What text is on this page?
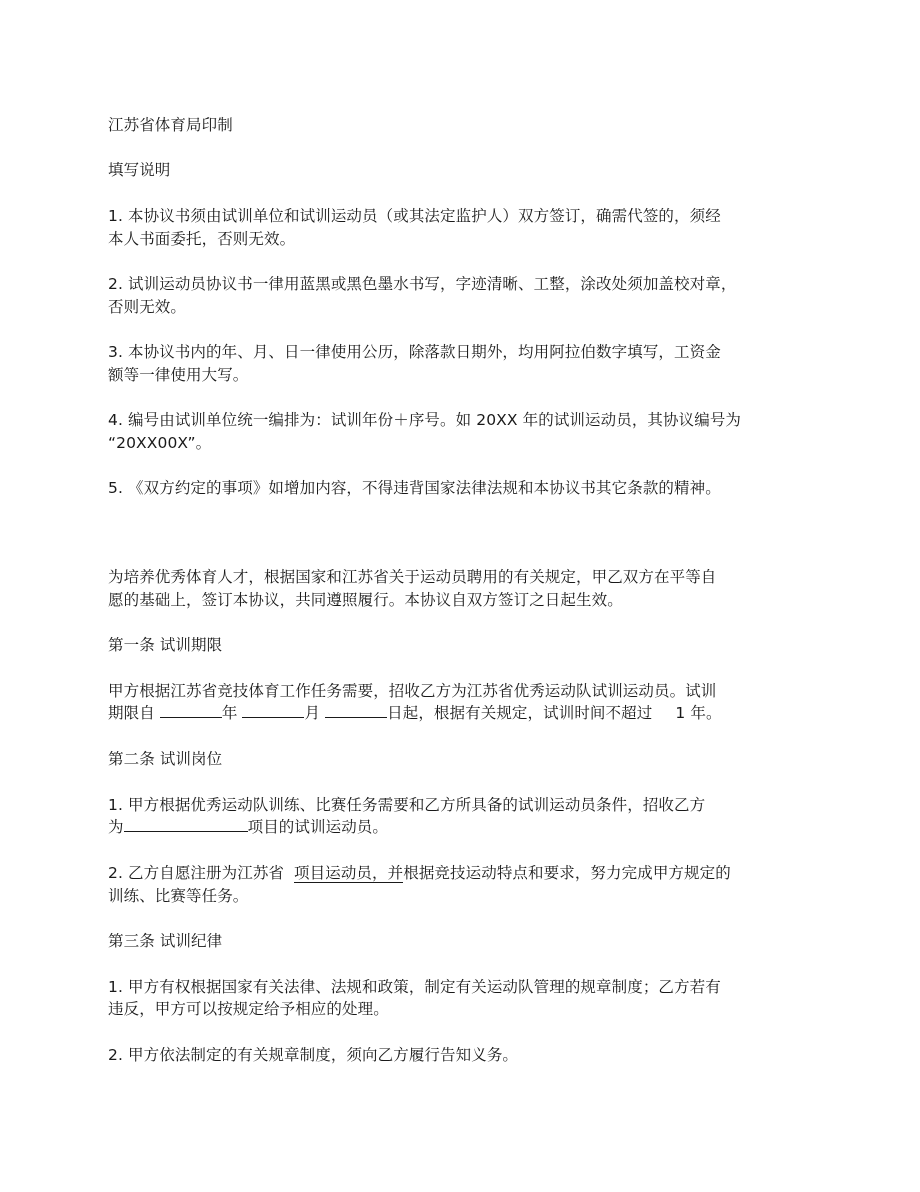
江苏省体育局印制
填写说明
1. 本协议书须由试训单位和试训运动员（或其法定监护人）双方签订，确需代签的，须经
本人书面委托，否则无效。
2. 试训运动员协议书一律用蓝黑或黑色墨水书写，字迹清晰、工整，涂改处须加盖校对章，
否则无效。
3. 本协议书内的年、月、日一律使用公历，除落款日期外，均用阿拉伯数字填写，工资金
额等一律使用大写。
4. 编号由试训单位统一编排为：试训年份＋序号。如 20XX 年的试训运动员，其协议编号为
“20XX00X”。
5. 《双方约定的事项》如增加内容，不得违背国家法律法规和本协议书其它条款的精神。
为培养优秀体育人才，根据国家和江苏省关于运动员聘用的有关规定，甲乙双方在平等自
愿的基础上，签订本协议，共同遵照履行。本协议自双方签订之日起生效。
第一条 试训期限
甲方根据江苏省竞技体育工作任务需要，招收乙方为江苏省优秀运动队试训运动员。试训
期限自	年	月	日起，根据有关规定，试训时间不超过 1 年。
第二条 试训岗位
1. 甲方根据优秀运动队训练、比赛任务需要和乙方所具备的试训运动员条件，招收乙方
为	项目的试训运动员。
2. 乙方自愿注册为江苏省 项目运动员，并根据竞技运动特点和要求，努力完成甲方规定的
训练、比赛等任务。
第三条 试训纪律
1. 甲方有权根据国家有关法律、法规和政策，制定有关运动队管理的规章制度；乙方若有
违反，甲方可以按规定给予相应的处理。
2. 甲方依法制定的有关规章制度，须向乙方履行告知义务。
